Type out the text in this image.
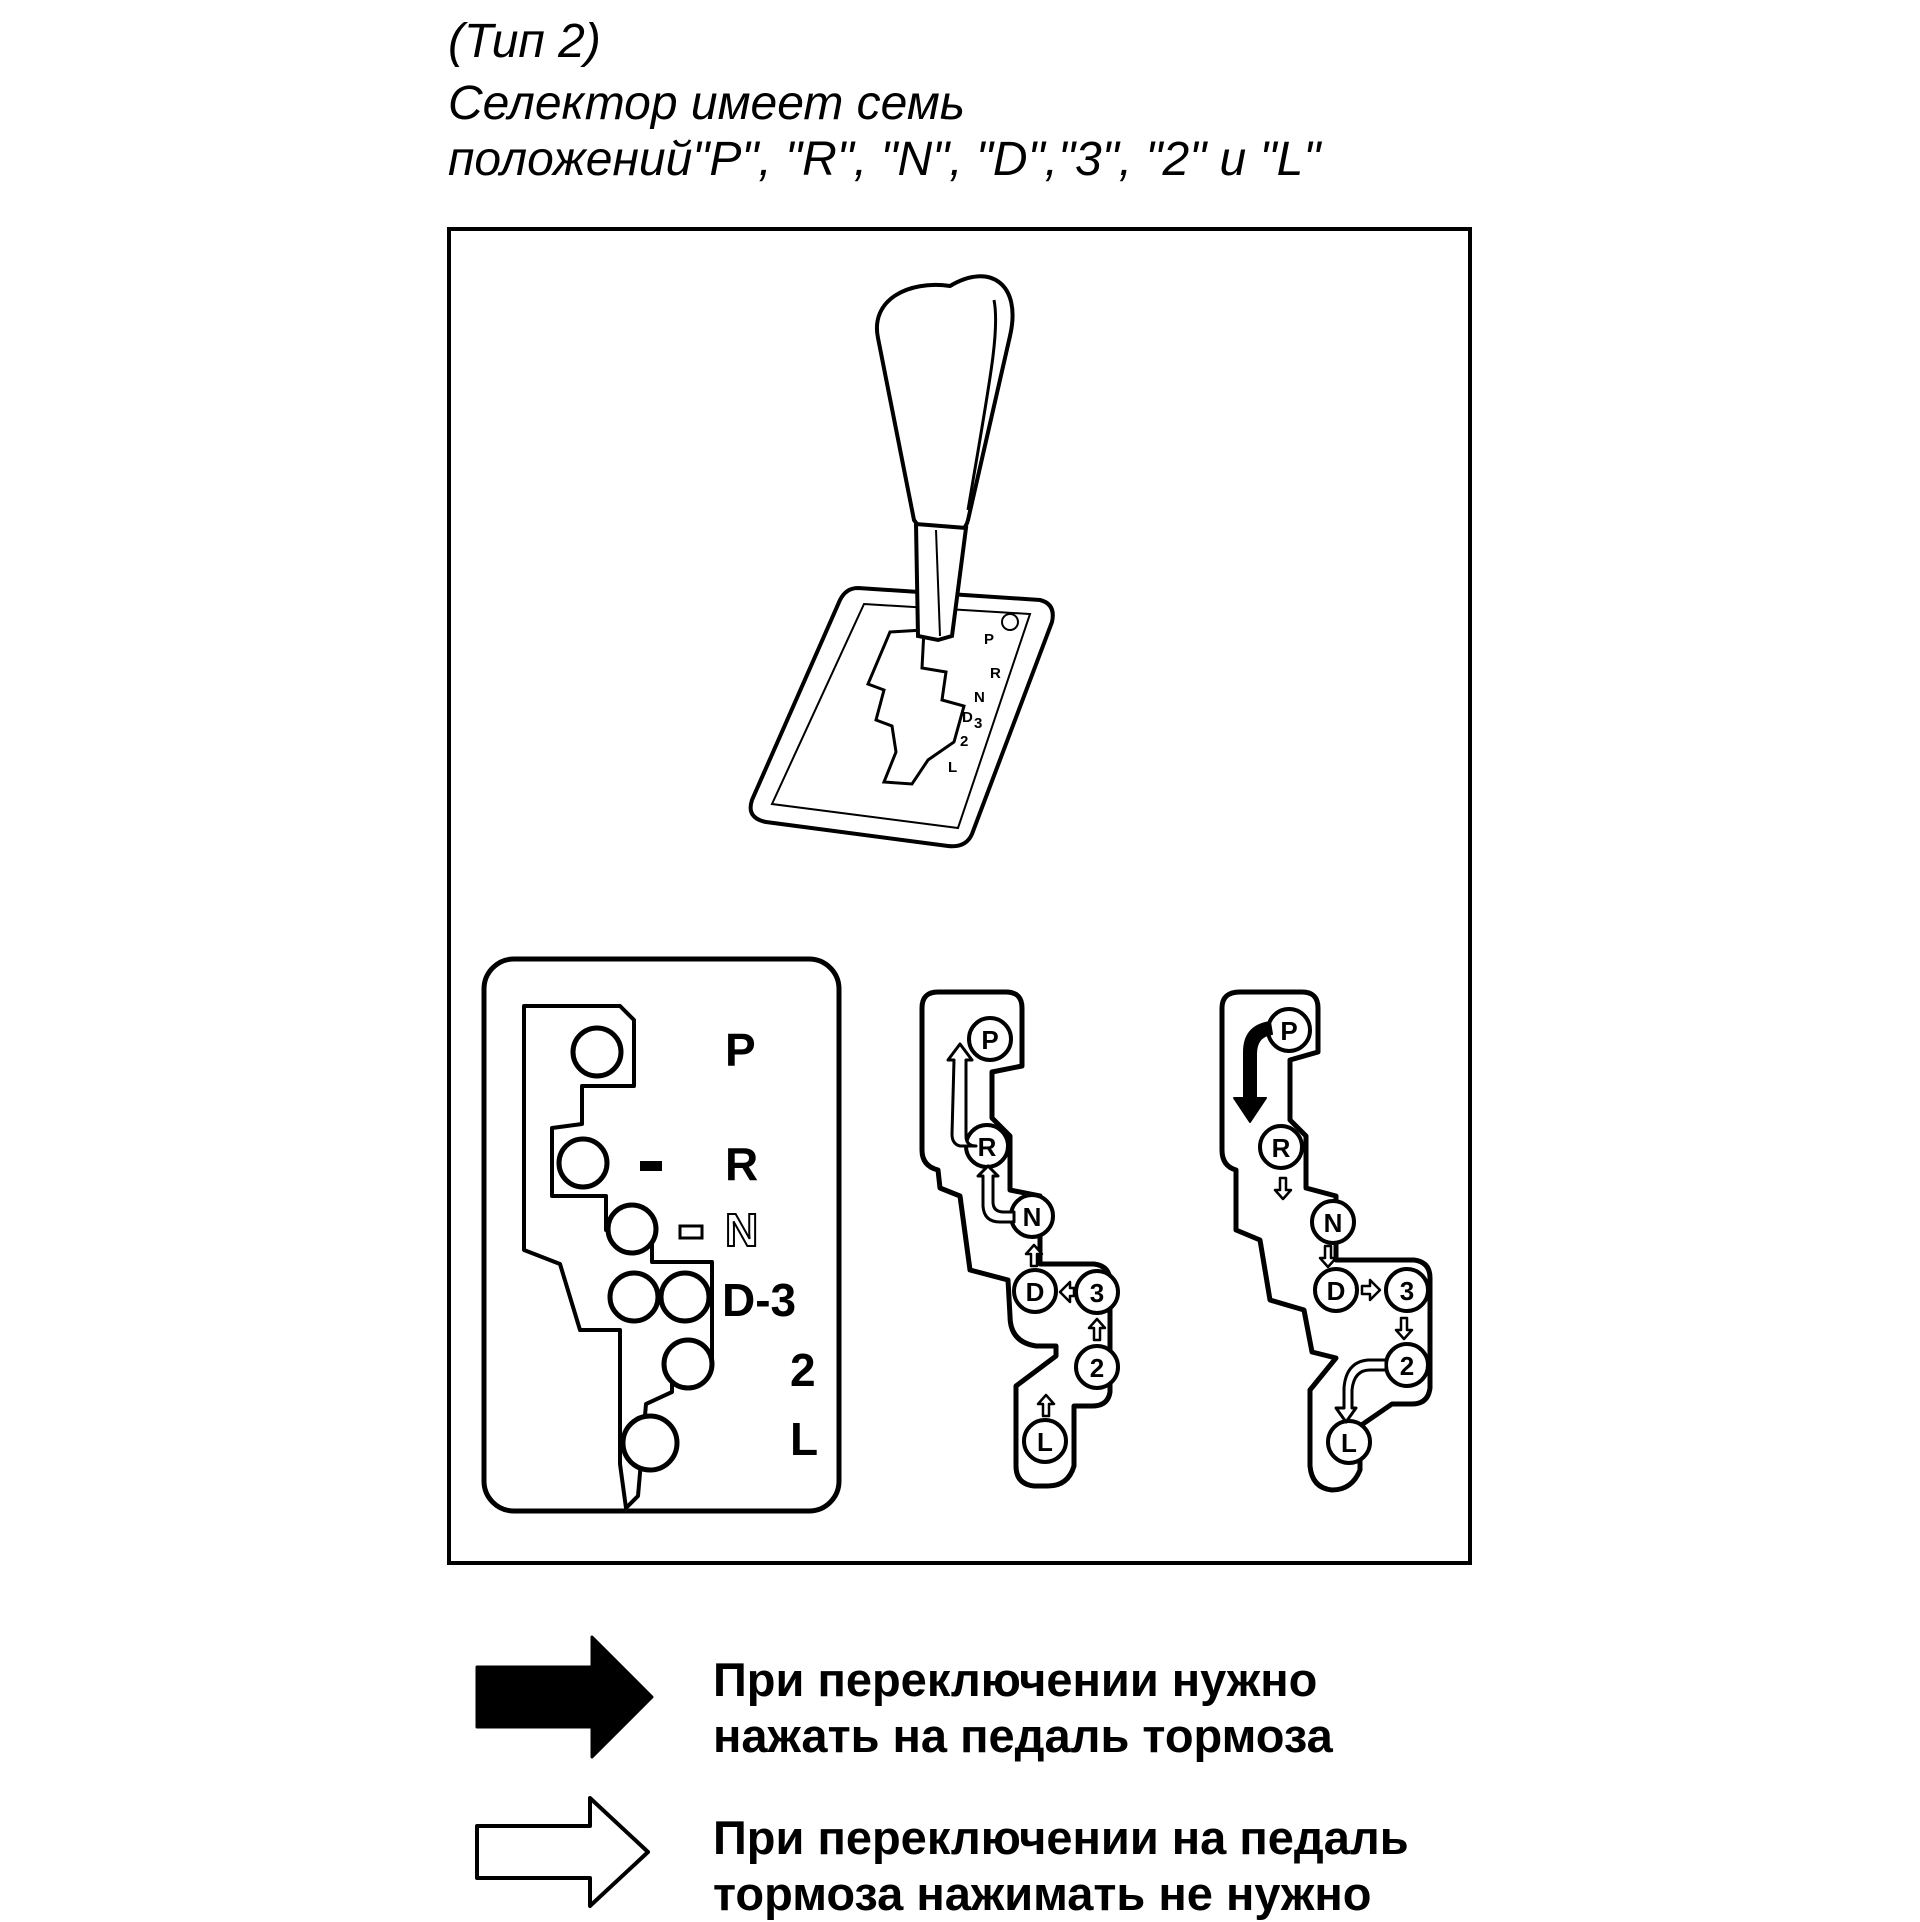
(Тип 2)
Селектор имеет семь
положений"P", "R", "N", "D","3", "2" и "L"
P
R
N
D 3
2
L
P
R
N
D-3
2
L
P
R
N
D 3
2
L
P
R
N
D 3
2
L
При переключении нужно
нажать на педаль тормоза
При переключении на педаль
тормоза нажимать не нужно
